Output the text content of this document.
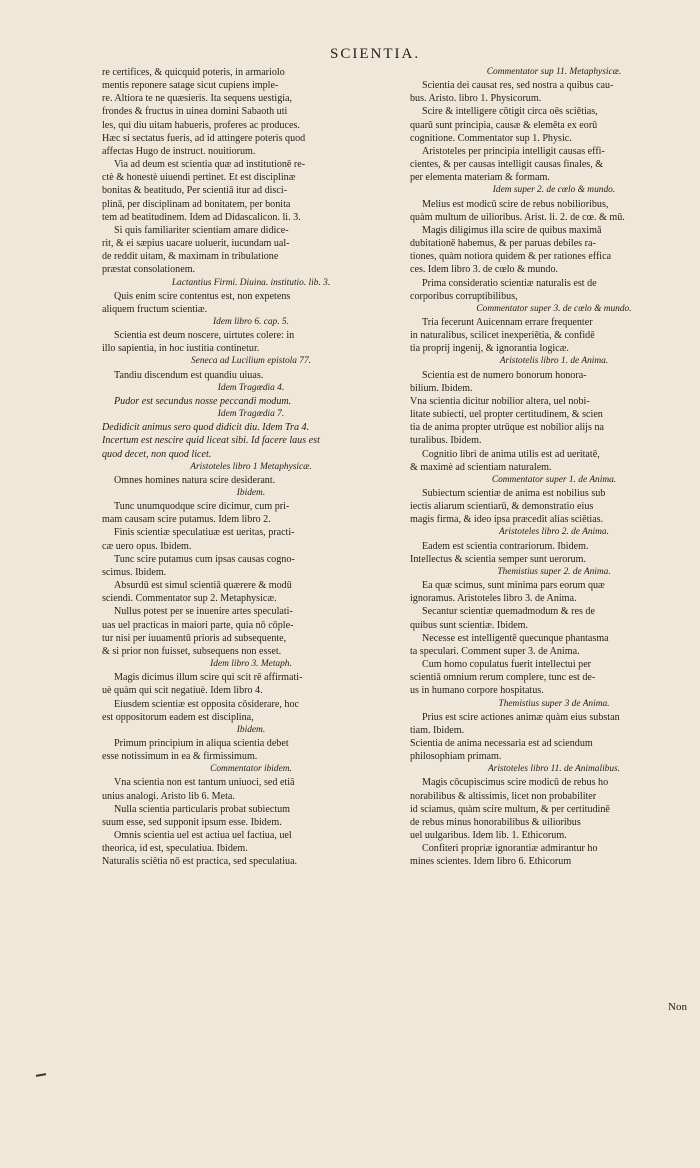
SCIENTIA.
re certifices, & quicquid poteris, in armariolo
mentis reponere satage sicut cupiens imple-
re. Altiora te ne quæsieris. Ita sequens uestigia,
frondes & fructus in uinea domini Sabaoth uti
les, qui diu uitam habueris, proferes ac produces.
Hæc si sectatus fueris, ad id attingere poteris quod
affectas Hugo de instruct. nouitiorum.
Via ad deum est scientia quæ ad institutionē re-
ctè & honestè uiuendi pertinet. Et est disciplinæ
bonitas & beatitudo, Per scientiā itur ad disci-
plinā, per disciplinam ad bonitatem, per bonita
tem ad beatitudinem. Idem ad Didascalicon. li. 3.
Si quis familiariter scientiam amare didice-
rit, & ei sæpius uacare uoluerit, iucundam ual-
de reddit uitam, & maximam in tribulatione
præstat consolationem.
Lactantius Firmi. Diuina. institutio. lib. 3.
Quis enim scire contentus est, non expetens
aliquem fructum scientiæ.
Idem libro 6. cap. 5.
Scientia est deum noscere, uirtutes colere: in
illo sapientia, in hoc iustitia continetur.
Seneca ad Lucilium epistola 77.
Tandiu discendum est quandiu uiuas.
Idem Tragœdia 4.
Pudor est secundus nosse peccandi modum.
Idem Tragœdia 7.
Dedidicit animus sero quod didicit diu. Idem Tra 4.
Incertum est nescire quid liceat sibi. Id facere laus est
quod decet, non quod licet.
Aristoteles libro 1 Metaphysicæ.
Omnes homines natura scire desiderant.
Ibidem.
Tunc unumquodque scire dicimur, cum pri-
mam causam scire putamus. Idem libro 2.
Finis scientiæ speculatiuæ est ueritas, practi-
cæ uero opus. Ibidem.
Tunc scire putamus cum ipsas causas cogno-
scimus. Ibidem.
Absurdū est simul scientiā quærere & modū
sciendi. Commentator sup 2. Metaphysicæ.
Nullus potest per se inuenire artes speculati-
uas uel practicas in maiori parte, quia nō cōple-
tur nisi per iuuamentū prioris ad subsequente,
& si prior non fuisset, subsequens non esset.
Idem libro 3. Metaph.
Magis dicimus illum scire qui scit rē affirmati-
uè quàm qui scit negatiuè. Idem libro 4.
Eiusdem scientiæ est opposita cōsiderare, hoc
est oppositorum eadem est disciplina,
Ibidem.
Primum principium in aliqua scientia debet
esse notissimum in ea & firmissimum.
Commentator ibidem.
Vna scientia non est tantum uniuoci, sed etiā
unius analogi. Aristo lib 6. Meta.
Nulla scientia particularis probat subiectum
suum esse, sed supponit ipsum esse. Ibidem.
Omnis scientia uel est actiua uel factiua, uel
theorica, id est, speculatiua. Ibidem.
Naturalis sciētia nō est practica, sed speculatiua.
Commentator sup 11. Metaphysicæ.
Scientia dei causat res, sed nostra a quibus cau-
bus. Aristo. libro 1. Physicorum.
Scire & intelligere cōtigit circa oēs sciētias,
quarū sunt principia, causæ & elemēta ex eorū
cognitione. Commentator sup 1. Physic.
Aristoteles per principia intelligit causas effi-
cientes, & per causas intelligit causas finales, &
per elementa materiam & formam.
Idem super 2. de cœlo & mundo.
Melius est modicū scire de rebus nobilioribus,
quàm multum de uilioribus. Arist. li. 2. de cœ. & mū.
Magis diligimus illa scire de quibus maximā
dubitationē habemus, & per paruas debiles ra-
tiones, quàm notiora quidem & per rationes effica
ces. Idem libro 3. de cœlo & mundo.
Prima consideratio scientiæ naturalis est de
corporibus corruptibilibus,
Commentator super 3. de cœlo & mundo.
Tria fecerunt Auicennam errare frequenter
in naturalibus, scilicet inexperiētia, & confidē
tia proprij ingenij, & ignorantia logicæ.
Aristotelis libro 1. de Anima.
Scientia est de numero bonorum honora-
bilium. Ibidem.
Vna scientia dicitur nobilior altera, uel nobi-
litate subiecti, uel propter certitudinem, & scien
tia de anima propter utrūque est nobilior alijs na
turalibus. Ibidem.
Cognitio libri de anima utilis est ad ueritatē,
& maximè ad scientiam naturalem.
Commentator super 1. de Anima.
Subiectum scientiæ de anima est nobilius sub
iectis aliarum scientiarū, & demonstratio eius
magis firma, & ideo ipsa præcedit alias sciētias.
Aristoteles libro 2. de Anima.
Eadem est scientia contrariorum. Ibidem.
Intellectus & scientia semper sunt uerorum.
Themistius super 2. de Anima.
Ea quæ scimus, sunt minima pars eorum quæ
ignoramus. Aristoteles libro 3. de Anima.
Secantur scientiæ quemadmodum & res de
quibus sunt scientiæ. Ibidem.
Necesse est intelligentē quecunque phantasma
ta speculari. Comment super 3. de Anima.
Cum homo copulatus fuerit intellectui per
scientiā omnium rerum complere, tunc est de-
us in humano corpore hospitatus.
Themistius super 3 de Anima.
Prius est scire actiones animæ quàm eius substan
tiam. Ibidem.
Scientia de anima necessaria est ad sciendum
philosophiam primam.
Aristoteles libro 11. de Animalibus.
Magis cōcupiscimus scire modicū de rebus ho
norabilibus & altissimis, licet non probabiliter
id sciamus, quàm scire multum, & per certitudinē
de rebus minus honorabilibus & uilioribus
uel uulgaribus. Idem lib. 1. Ethicorum.
Confiteri propriæ ignorantiæ admirantur ho
mines scientes. Idem libro 6. Ethicorum
Non
